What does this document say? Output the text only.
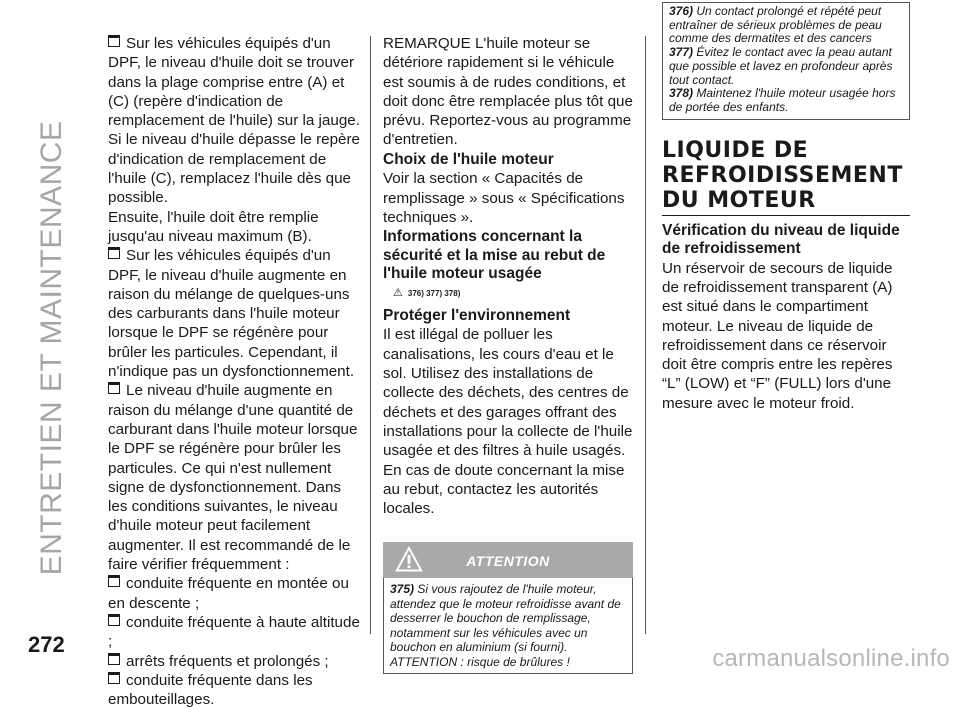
ENTRETIEN ET MAINTENANCE

Sur les véhicules équipés d'un DPF, le niveau d'huile doit se trouver dans la plage comprise entre (A) et (C) (repère d'indication de remplacement de l'huile) sur la jauge. Si le niveau d'huile dépasse le repère d'indication de remplacement de l'huile (C), remplacez l'huile dès que possible.

Ensuite, l'huile doit être remplie jusqu'au niveau maximum (B).

Sur les véhicules équipés d'un DPF, le niveau d'huile augmente en raison du mélange de quelques-uns des carburants dans l'huile moteur lorsque le DPF se régénère pour brûler les particules. Cependant, il n'indique pas un dysfonctionnement.

Le niveau d'huile augmente en raison du mélange d'une quantité de carburant dans l'huile moteur lorsque le DPF se régénère pour brûler les particules. Ce qui n'est nullement signe de dysfonctionnement. Dans les conditions suivantes, le niveau d'huile moteur peut facilement augmenter. Il est recommandé de le faire vérifier fréquemment :

conduite fréquente en montée ou en descente ;

conduite fréquente à haute altitude ;

arrêts fréquents et prolongés ;

conduite fréquente dans les embouteillages.

REMARQUE L'huile moteur se détériore rapidement si le véhicule est soumis à de rudes conditions, et doit donc être remplacée plus tôt que prévu. Reportez-vous au programme d'entretien.

Choix de l'huile moteur

Voir la section « Capacités de remplissage » sous « Spécifications techniques ».

Informations concernant la sécurité et la mise au rebut de l'huile moteur usagée
⚠ 376) 377) 378)
Protéger l'environnement

Il est illégal de polluer les canalisations, les cours d'eau et le sol. Utilisez des installations de collecte des déchets, des centres de déchets et des garages offrant des installations pour la collecte de l'huile usagée et des filtres à huile usagés. En cas de doute concernant la mise au rebut, contactez les autorités locales.

ATTENTION
375) Si vous rajoutez de l'huile moteur, attendez que le moteur refroidisse avant de desserrer le bouchon de remplissage, notamment sur les véhicules avec un bouchon en aluminium (si fourni). ATTENTION : risque de brûlures !

376) Un contact prolongé et répété peut entraîner de sérieux problèmes de peau comme des dermatites et des cancers

377) Évitez le contact avec la peau autant que possible et lavez en profondeur après tout contact.

378) Maintenez l'huile moteur usagée hors de portée des enfants.

LIQUIDE DE
REFROIDISSEMENT
DU MOTEUR
Vérification du niveau de liquide de refroidissement

Un réservoir de secours de liquide de refroidissement transparent (A) est situé dans le compartiment moteur. Le niveau de liquide de refroidissement dans ce réservoir doit être compris entre les repères “L” (LOW) et “F” (FULL) lors d'une mesure avec le moteur froid.

272
carmanualsonline.info
